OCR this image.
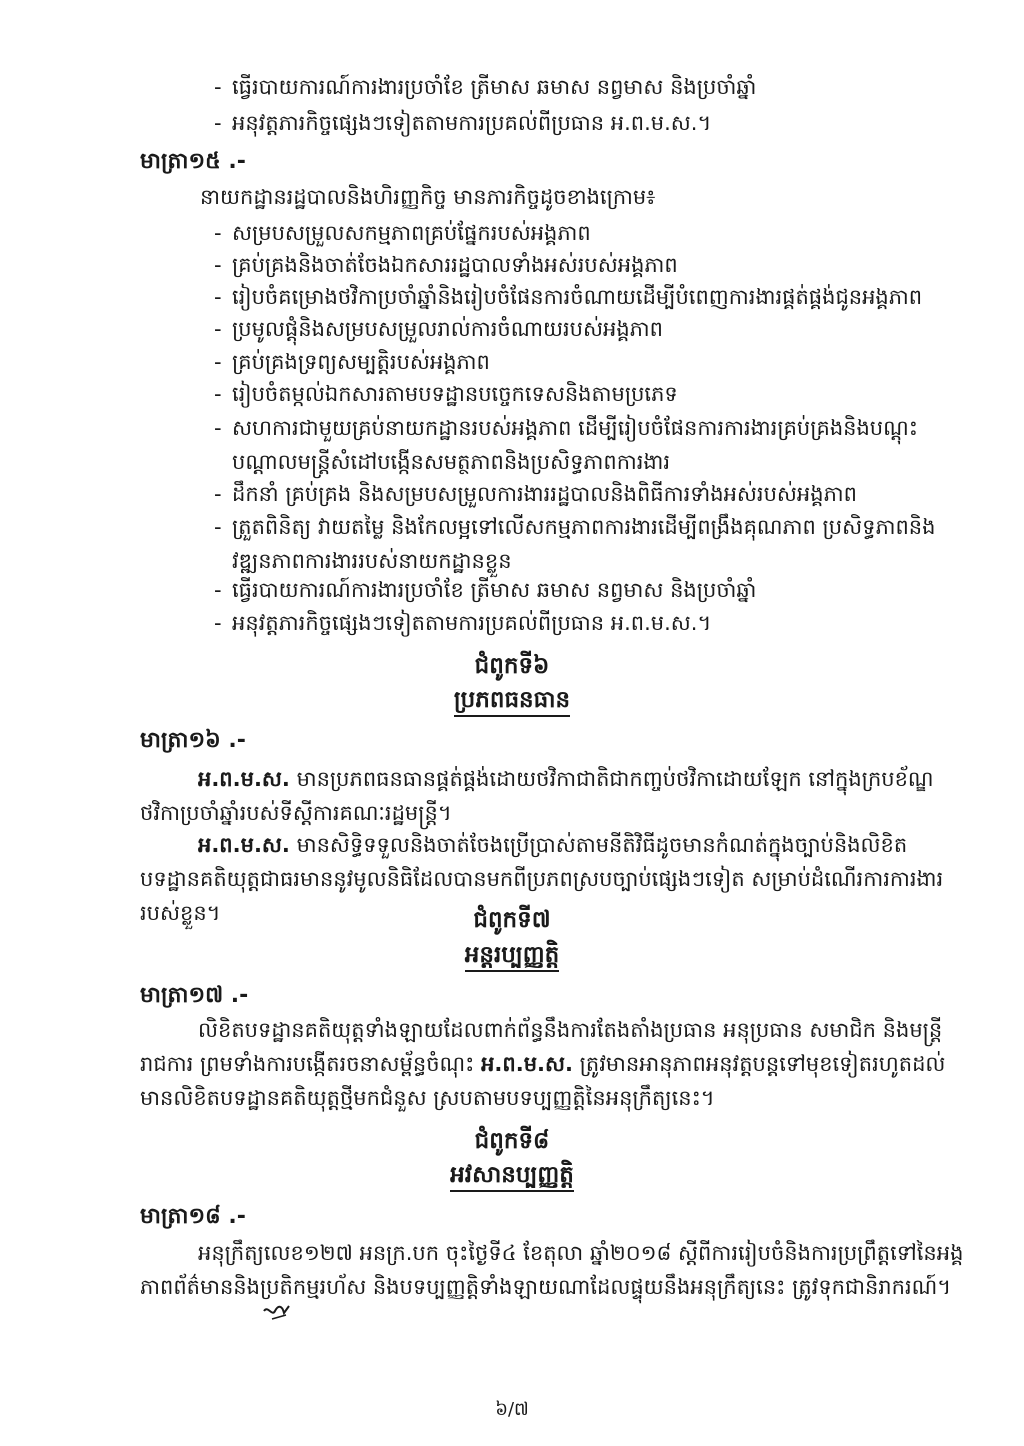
- ធ្វើរបាយការណ៍ការងារប្រចាំខែ ត្រីមាស ឆមាស នព្វមាស និងប្រចាំឆ្នាំ
- អនុវត្តភារកិច្ចផ្សេងៗទៀតតាមការប្រគល់ពីប្រធាន អ.ព.ម.ស.។
មាត្រា១៥ .-
នាយកដ្ឋានរដ្ឋបាលនិងហិរញ្ញកិច្ច មានភារកិច្ចដូចខាងក្រោម៖
- សម្របសម្រួលសកម្មភាពគ្រប់ផ្នែករបស់អង្គភាព
- គ្រប់គ្រងនិងចាត់ចែងឯកសាររដ្ឋបាលទាំងអស់របស់អង្គភាព
- រៀបចំគម្រោងថវិកាប្រចាំឆ្នាំនិងរៀបចំផែនការចំណាយដើម្បីបំពេញការងារផ្គត់ផ្គង់ជូនអង្គភាព
- ប្រមូលផ្តុំនិងសម្របសម្រួលរាល់ការចំណាយរបស់អង្គភាព
- គ្រប់គ្រងទ្រព្យសម្បត្តិរបស់អង្គភាព
- រៀបចំតម្កល់ឯកសារតាមបទដ្ឋានបច្ចេកទេសនិងតាមប្រភេទ
- សហការជាមួយគ្រប់នាយកដ្ឋានរបស់អង្គភាព ដើម្បីរៀបចំផែនការការងារគ្រប់គ្រងនិងបណ្តុះបណ្តាលមន្ត្រីសំដៅបង្កើនសមត្ថភាពនិងប្រសិទ្ធភាពការងារ
- ដឹកនាំ គ្រប់គ្រង និងសម្របសម្រួលការងាររដ្ឋបាលនិងពិធីការទាំងអស់របស់អង្គភាព
- ត្រួតពិនិត្យ វាយតម្លៃ និងកែលម្អទៅលើសកម្មភាពការងារដើម្បីពង្រឹងគុណភាព ប្រសិទ្ធភាពនិងវឌ្ឍនភាពការងាររបស់នាយកដ្ឋានខ្លួន
- ធ្វើរបាយការណ៍ការងារប្រចាំខែ ត្រីមាស ឆមាស នព្វមាស និងប្រចាំឆ្នាំ
- អនុវត្តភារកិច្ចផ្សេងៗទៀតតាមការប្រគល់ពីប្រធាន អ.ព.ម.ស.។
ជំពូកទី៦
ប្រភពធនធាន
មាត្រា១៦ .-
អ.ព.ម.ស. មានប្រភពធនធានផ្គត់ផ្គង់ដោយថវិកាជាតិជាកញ្ចប់ថវិកាដោយឡែក នៅក្នុងក្របខ័ណ្ឌថវិកាប្រចាំឆ្នាំរបស់ទីស្តីការគណៈរដ្ឋមន្ត្រី។
អ.ព.ម.ស. មានសិទ្ធិទទួលនិងចាត់ចែងប្រើប្រាស់តាមនីតិវិធីដូចមានកំណត់ក្នុងច្បាប់និងលិខិតបទដ្ឋានគតិយុត្តជាធរមាននូវមូលនិធិដែលបានមកពីប្រភពស្របច្បាប់ផ្សេងៗទៀត សម្រាប់ដំណើរការការងាររបស់ខ្លួន។	ជំពូកទី៧
អន្តរប្បញ្ញត្តិ
មាត្រា១៧ .-
លិខិតបទដ្ឋានគតិយុត្តទាំងឡាយដែលពាក់ព័ន្ធនឹងការតែងតាំងប្រធាន អនុប្រធាន សមាជិក និងមន្ត្រីរាជការ ព្រមទាំងការបង្កើតរចនាសម្ព័ន្ធចំណុះ អ.ព.ម.ស. ត្រូវមានអានុភាពអនុវត្តបន្តទៅមុខទៀតរហូតដល់មានលិខិតបទដ្ឋានគតិយុត្តថ្មីមកជំនួស ស្របតាមបទប្បញ្ញត្តិនៃអនុក្រឹត្យនេះ។
ជំពូកទី៨
អវសានប្បញ្ញត្តិ
មាត្រា១៨ .-
អនុក្រឹត្យលេខ១២៧ អនក្រ.បក ចុះថ្ងៃទី៤ ខែតុលា ឆ្នាំ២០១៨ ស្តីពីការរៀបចំនិងការប្រព្រឹត្តទៅនៃអង្គភាពព័ត៌មាននិងប្រតិកម្មរហ័ស និងបទប្បញ្ញត្តិទាំងឡាយណាដែលផ្ទុយនឹងអនុក្រឹត្យនេះ ត្រូវទុកជានិរាករណ៍។
៦/៧
